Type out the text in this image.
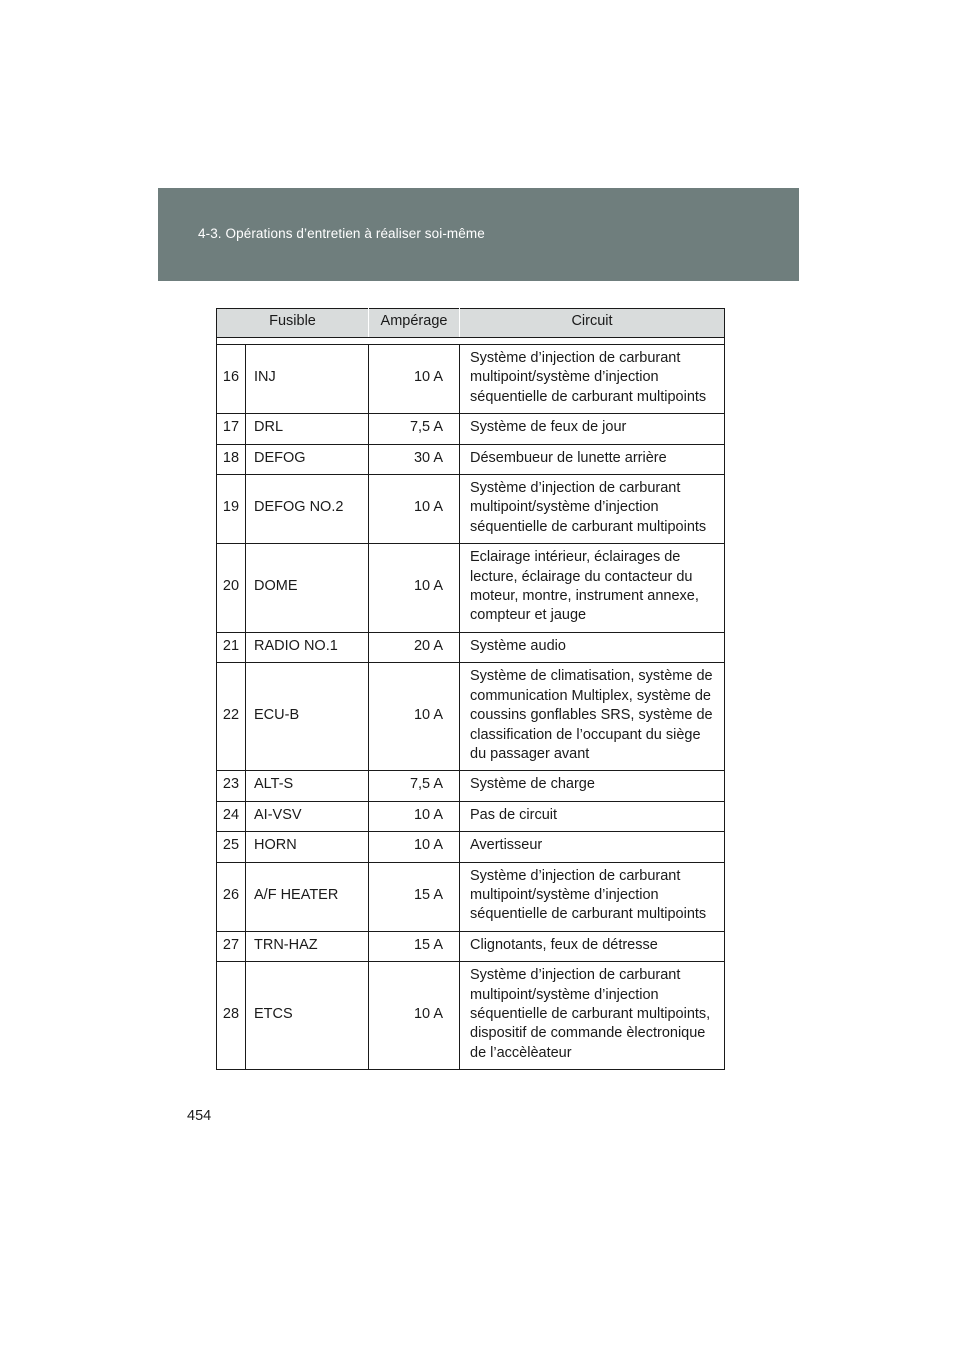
4-3. Opérations d’entretien à réaliser soi-même
Fusible		Ampérage	Circuit

16	INJ	10 A	Système d’injection de carburant multipoint/système d’injection séquentielle de carburant multipoints
17	DRL	7,5 A	Système de feux de jour
18	DEFOG	30 A	Désembueur de lunette arrière
19	DEFOG NO.2	10 A	Système d’injection de carburant multipoint/système d’injection séquentielle de carburant multipoints
20	DOME	10 A	Eclairage intérieur, éclairages de lecture, éclairage du contacteur du moteur, montre, instrument annexe, compteur et jauge
21	RADIO NO.1	20 A	Système audio
22	ECU-B	10 A	Système de climatisation, système de communication Multiplex, système de coussins gonflables SRS, système de classification de l’occupant du siège du passager avant
23	ALT-S	7,5 A	Système de charge
24	AI-VSV	10 A	Pas de circuit
25	HORN	10 A	Avertisseur
26	A/F HEATER	15 A	Système d’injection de carburant multipoint/système d’injection séquentielle de carburant multipoints
27	TRN-HAZ	15 A	Clignotants, feux de détresse
28	ETCS	10 A	Système d’injection de carburant multipoint/système d’injection séquentielle de carburant multipoints, dispositif de commande èlectronique de l’accèlèateur
454
